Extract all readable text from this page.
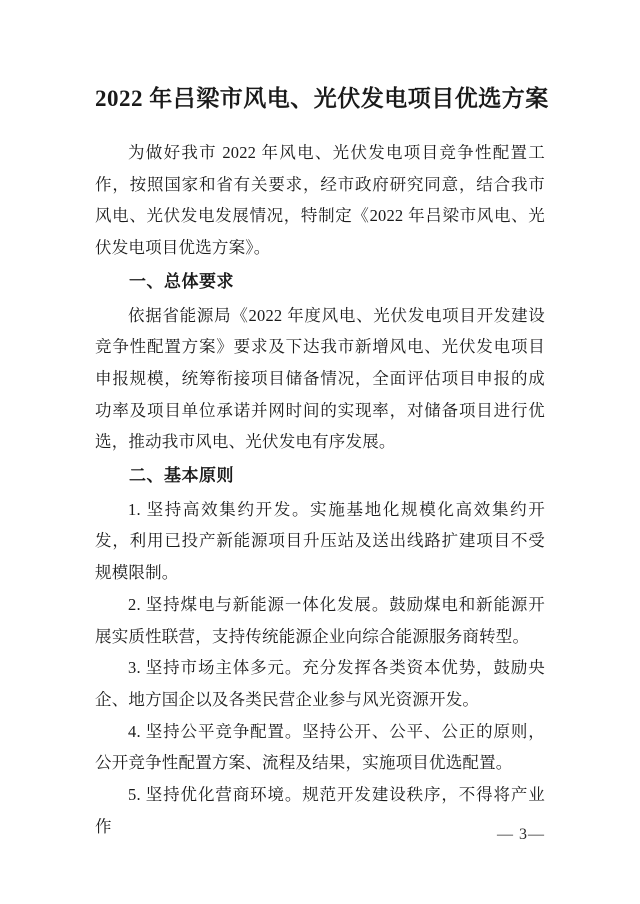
2022 年吕梁市风电、光伏发电项目优选方案

为做好我市 2022 年风电、光伏发电项目竞争性配置工作，按照国家和省有关要求，经市政府研究同意，结合我市风电、光伏发电发展情况，特制定《2022 年吕梁市风电、光伏发电项目优选方案》。

一、总体要求

依据省能源局《2022 年度风电、光伏发电项目开发建设竞争性配置方案》要求及下达我市新增风电、光伏发电项目申报规模，统筹衔接项目储备情况，全面评估项目申报的成功率及项目单位承诺并网时间的实现率，对储备项目进行优选，推动我市风电、光伏发电有序发展。

二、基本原则

1. 坚持高效集约开发。实施基地化规模化高效集约开发，利用已投产新能源项目升压站及送出线路扩建项目不受规模限制。

2. 坚持煤电与新能源一体化发展。鼓励煤电和新能源开展实质性联营，支持传统能源企业向综合能源服务商转型。

3. 坚持市场主体多元。充分发挥各类资本优势，鼓励央企、地方国企以及各类民营企业参与风光资源开发。

4. 坚持公平竞争配置。坚持公开、公平、公正的原则，公开竞争性配置方案、流程及结果，实施项目优选配置。

5. 坚持优化营商环境。规范开发建设秩序，不得将产业作	— 3—
